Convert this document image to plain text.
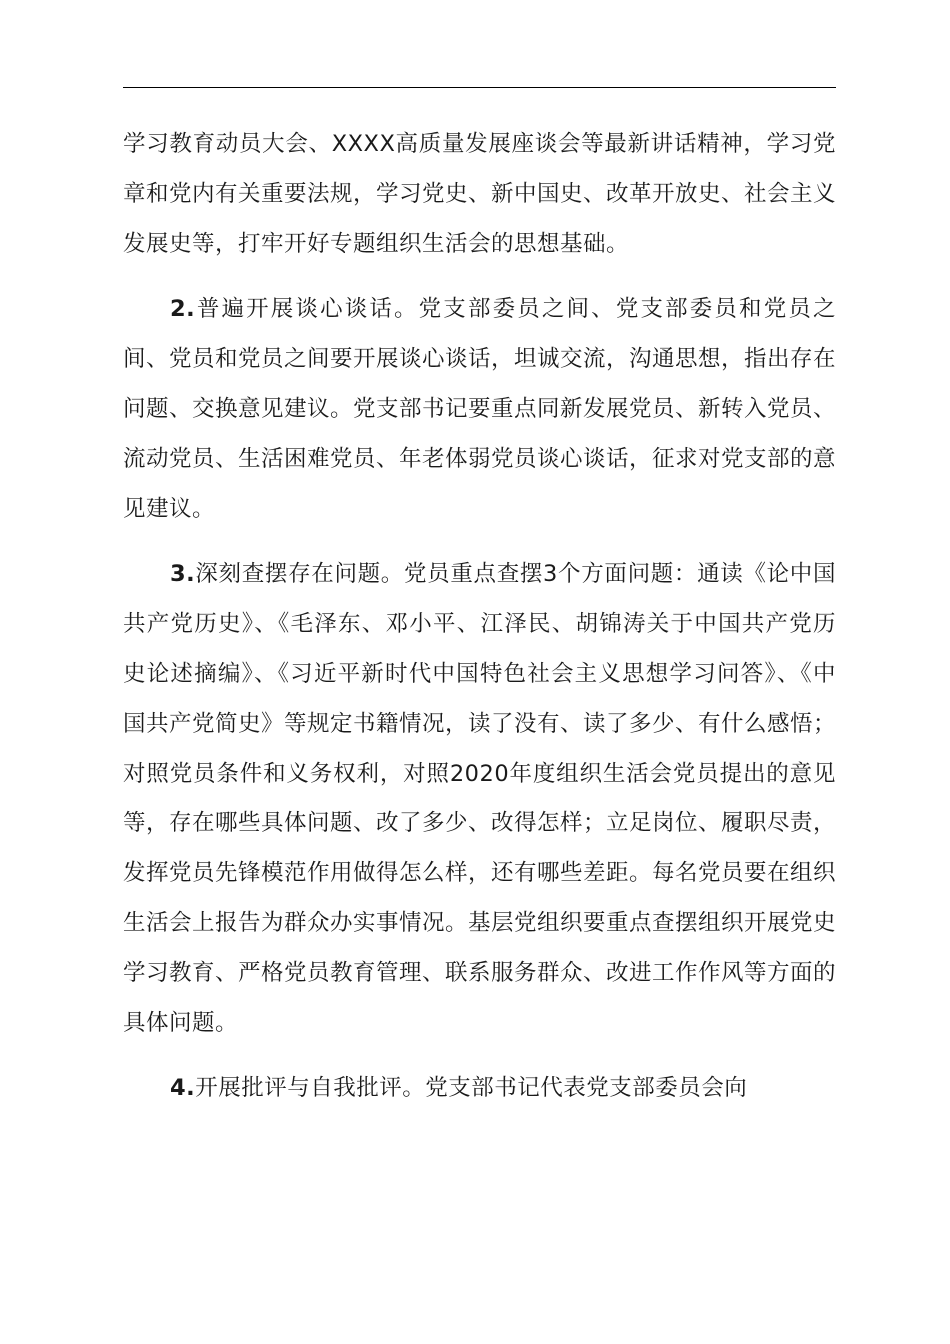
学习教育动员大会、XXXX高质量发展座谈会等最新讲话精神，学习党章和党内有关重要法规，学习党史、新中国史、改革开放史、社会主义发展史等，打牢开好专题组织生活会的思想基础。

2.普遍开展谈心谈话。党支部委员之间、党支部委员和党员之间、党员和党员之间要开展谈心谈话，坦诚交流，沟通思想，指出存在问题、交换意见建议。党支部书记要重点同新发展党员、新转入党员、流动党员、生活困难党员、年老体弱党员谈心谈话，征求对党支部的意见建议。

3.深刻查摆存在问题。党员重点查摆3个方面问题：通读《论中国共产党历史》、《毛泽东、邓小平、江泽民、胡锦涛关于中国共产党历史论述摘编》、《习近平新时代中国特色社会主义思想学习问答》、《中国共产党简史》等规定书籍情况，读了没有、读了多少、有什么感悟；对照党员条件和义务权利，对照2020年度组织生活会党员提出的意见等，存在哪些具体问题、改了多少、改得怎样；立足岗位、履职尽责，发挥党员先锋模范作用做得怎么样，还有哪些差距。每名党员要在组织生活会上报告为群众办实事情况。基层党组织要重点查摆组织开展党史学习教育、严格党员教育管理、联系服务群众、改进工作作风等方面的具体问题。

4.开展批评与自我批评。党支部书记代表党支部委员会向
